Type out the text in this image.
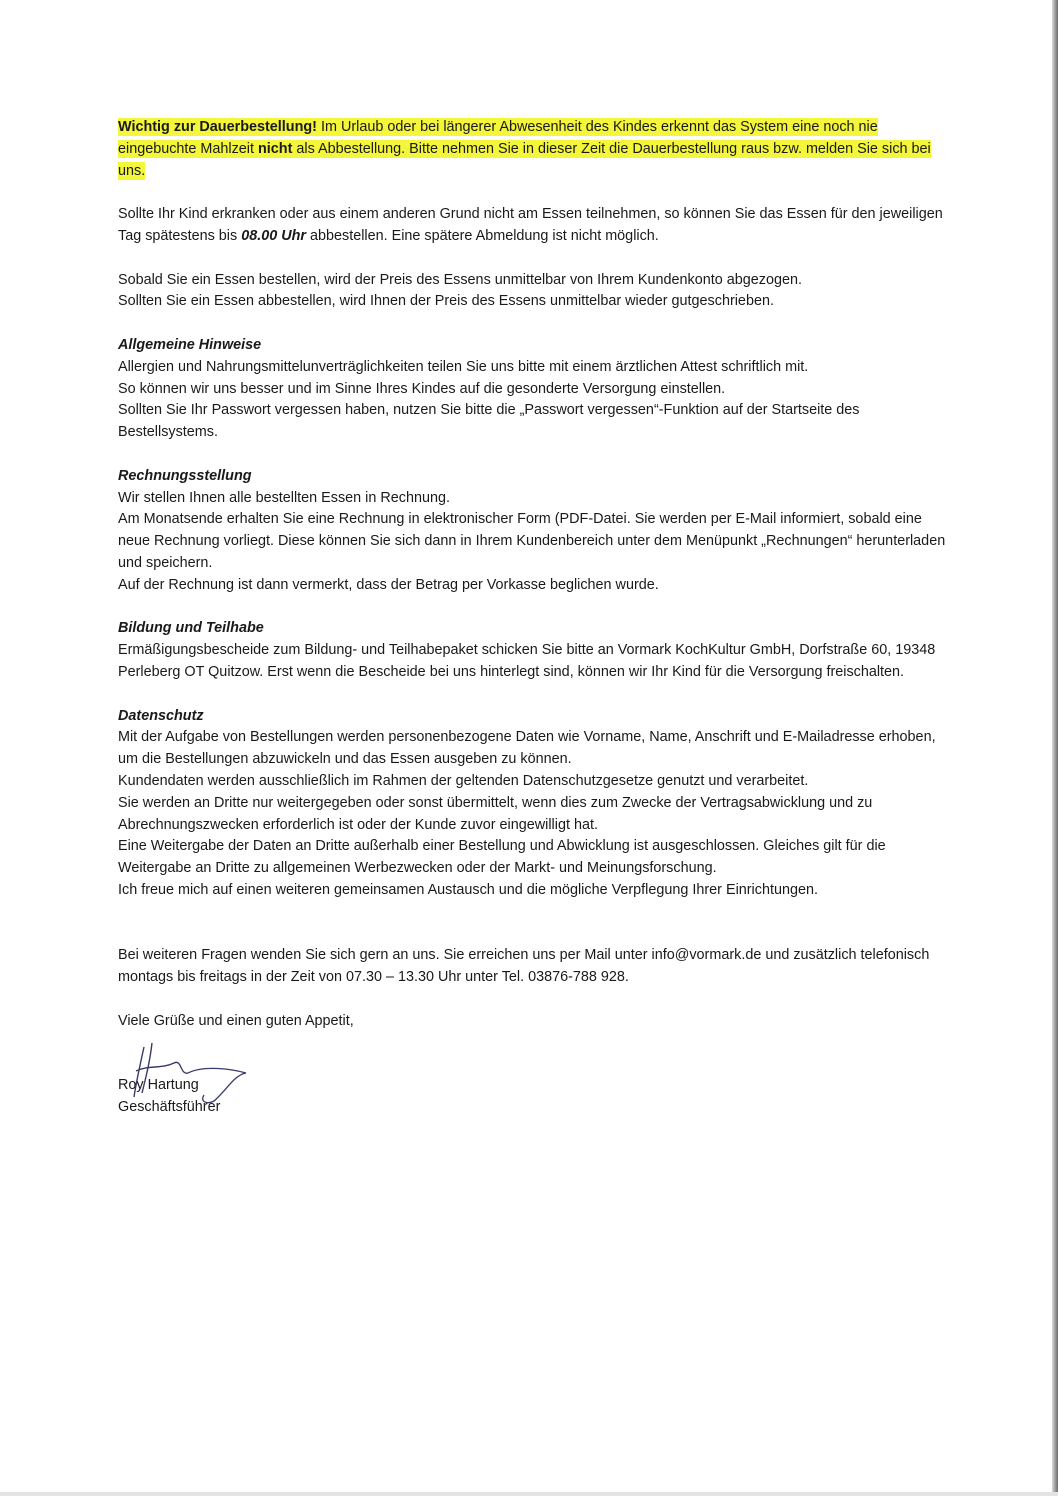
Wichtig zur Dauerbestellung! Im Urlaub oder bei längerer Abwesenheit des Kindes erkennt das System eine noch nie eingebuchte Mahlzeit nicht als Abbestellung. Bitte nehmen Sie in dieser Zeit die Dauerbestellung raus bzw. melden Sie sich bei uns.

Sollte Ihr Kind erkranken oder aus einem anderen Grund nicht am Essen teilnehmen, so können Sie das Essen für den jeweiligen Tag spätestens bis 08.00 Uhr abbestellen. Eine spätere Abmeldung ist nicht möglich.

Sobald Sie ein Essen bestellen, wird der Preis des Essens unmittelbar von Ihrem Kundenkonto abgezogen.
Sollten Sie ein Essen abbestellen, wird Ihnen der Preis des Essens unmittelbar wieder gutgeschrieben.

Allgemeine Hinweise
Allergien und Nahrungsmittelunverträglichkeiten teilen Sie uns bitte mit einem ärztlichen Attest schriftlich mit.
So können wir uns besser und im Sinne Ihres Kindes auf die gesonderte Versorgung einstellen.
Sollten Sie Ihr Passwort vergessen haben, nutzen Sie bitte die „Passwort vergessen“-Funktion auf der Startseite des Bestellsystems.

Rechnungsstellung
Wir stellen Ihnen alle bestellten Essen in Rechnung.
Am Monatsende erhalten Sie eine Rechnung in elektronischer Form (PDF-Datei. Sie werden per E-Mail informiert, sobald eine neue Rechnung vorliegt. Diese können Sie sich dann in Ihrem Kundenbereich unter dem Menüpunkt „Rechnungen“ herunterladen und speichern.
Auf der Rechnung ist dann vermerkt, dass der Betrag per Vorkasse beglichen wurde.

Bildung und Teilhabe
Ermäßigungsbescheide zum Bildung- und Teilhabepaket schicken Sie bitte an Vormark KochKultur GmbH, Dorfstraße 60, 19348 Perleberg OT Quitzow. Erst wenn die Bescheide bei uns hinterlegt sind, können wir Ihr Kind für die Versorgung freischalten.

Datenschutz
Mit der Aufgabe von Bestellungen werden personenbezogene Daten wie Vorname, Name, Anschrift und E-Mailadresse erhoben, um die Bestellungen abzuwickeln und das Essen ausgeben zu können.
Kundendaten werden ausschließlich im Rahmen der geltenden Datenschutzgesetze genutzt und verarbeitet.
Sie werden an Dritte nur weitergegeben oder sonst übermittelt, wenn dies zum Zwecke der Vertragsabwicklung und zu Abrechnungszwecken erforderlich ist oder der Kunde zuvor eingewilligt hat.
Eine Weitergabe der Daten an Dritte außerhalb einer Bestellung und Abwicklung ist ausgeschlossen. Gleiches gilt für die Weitergabe an Dritte zu allgemeinen Werbezwecken oder der Markt- und Meinungsforschung.
Ich freue mich auf einen weiteren gemeinsamen Austausch und die mögliche Verpflegung Ihrer Einrichtungen.

Bei weiteren Fragen wenden Sie sich gern an uns. Sie erreichen uns per Mail unter info@vormark.de und zusätzlich telefonisch montags bis freitags in der Zeit von 07.30 – 13.30 Uhr unter Tel. 03876-788 928.

Viele Grüße und einen guten Appetit,

Roy Hartung
Geschäftsführer
